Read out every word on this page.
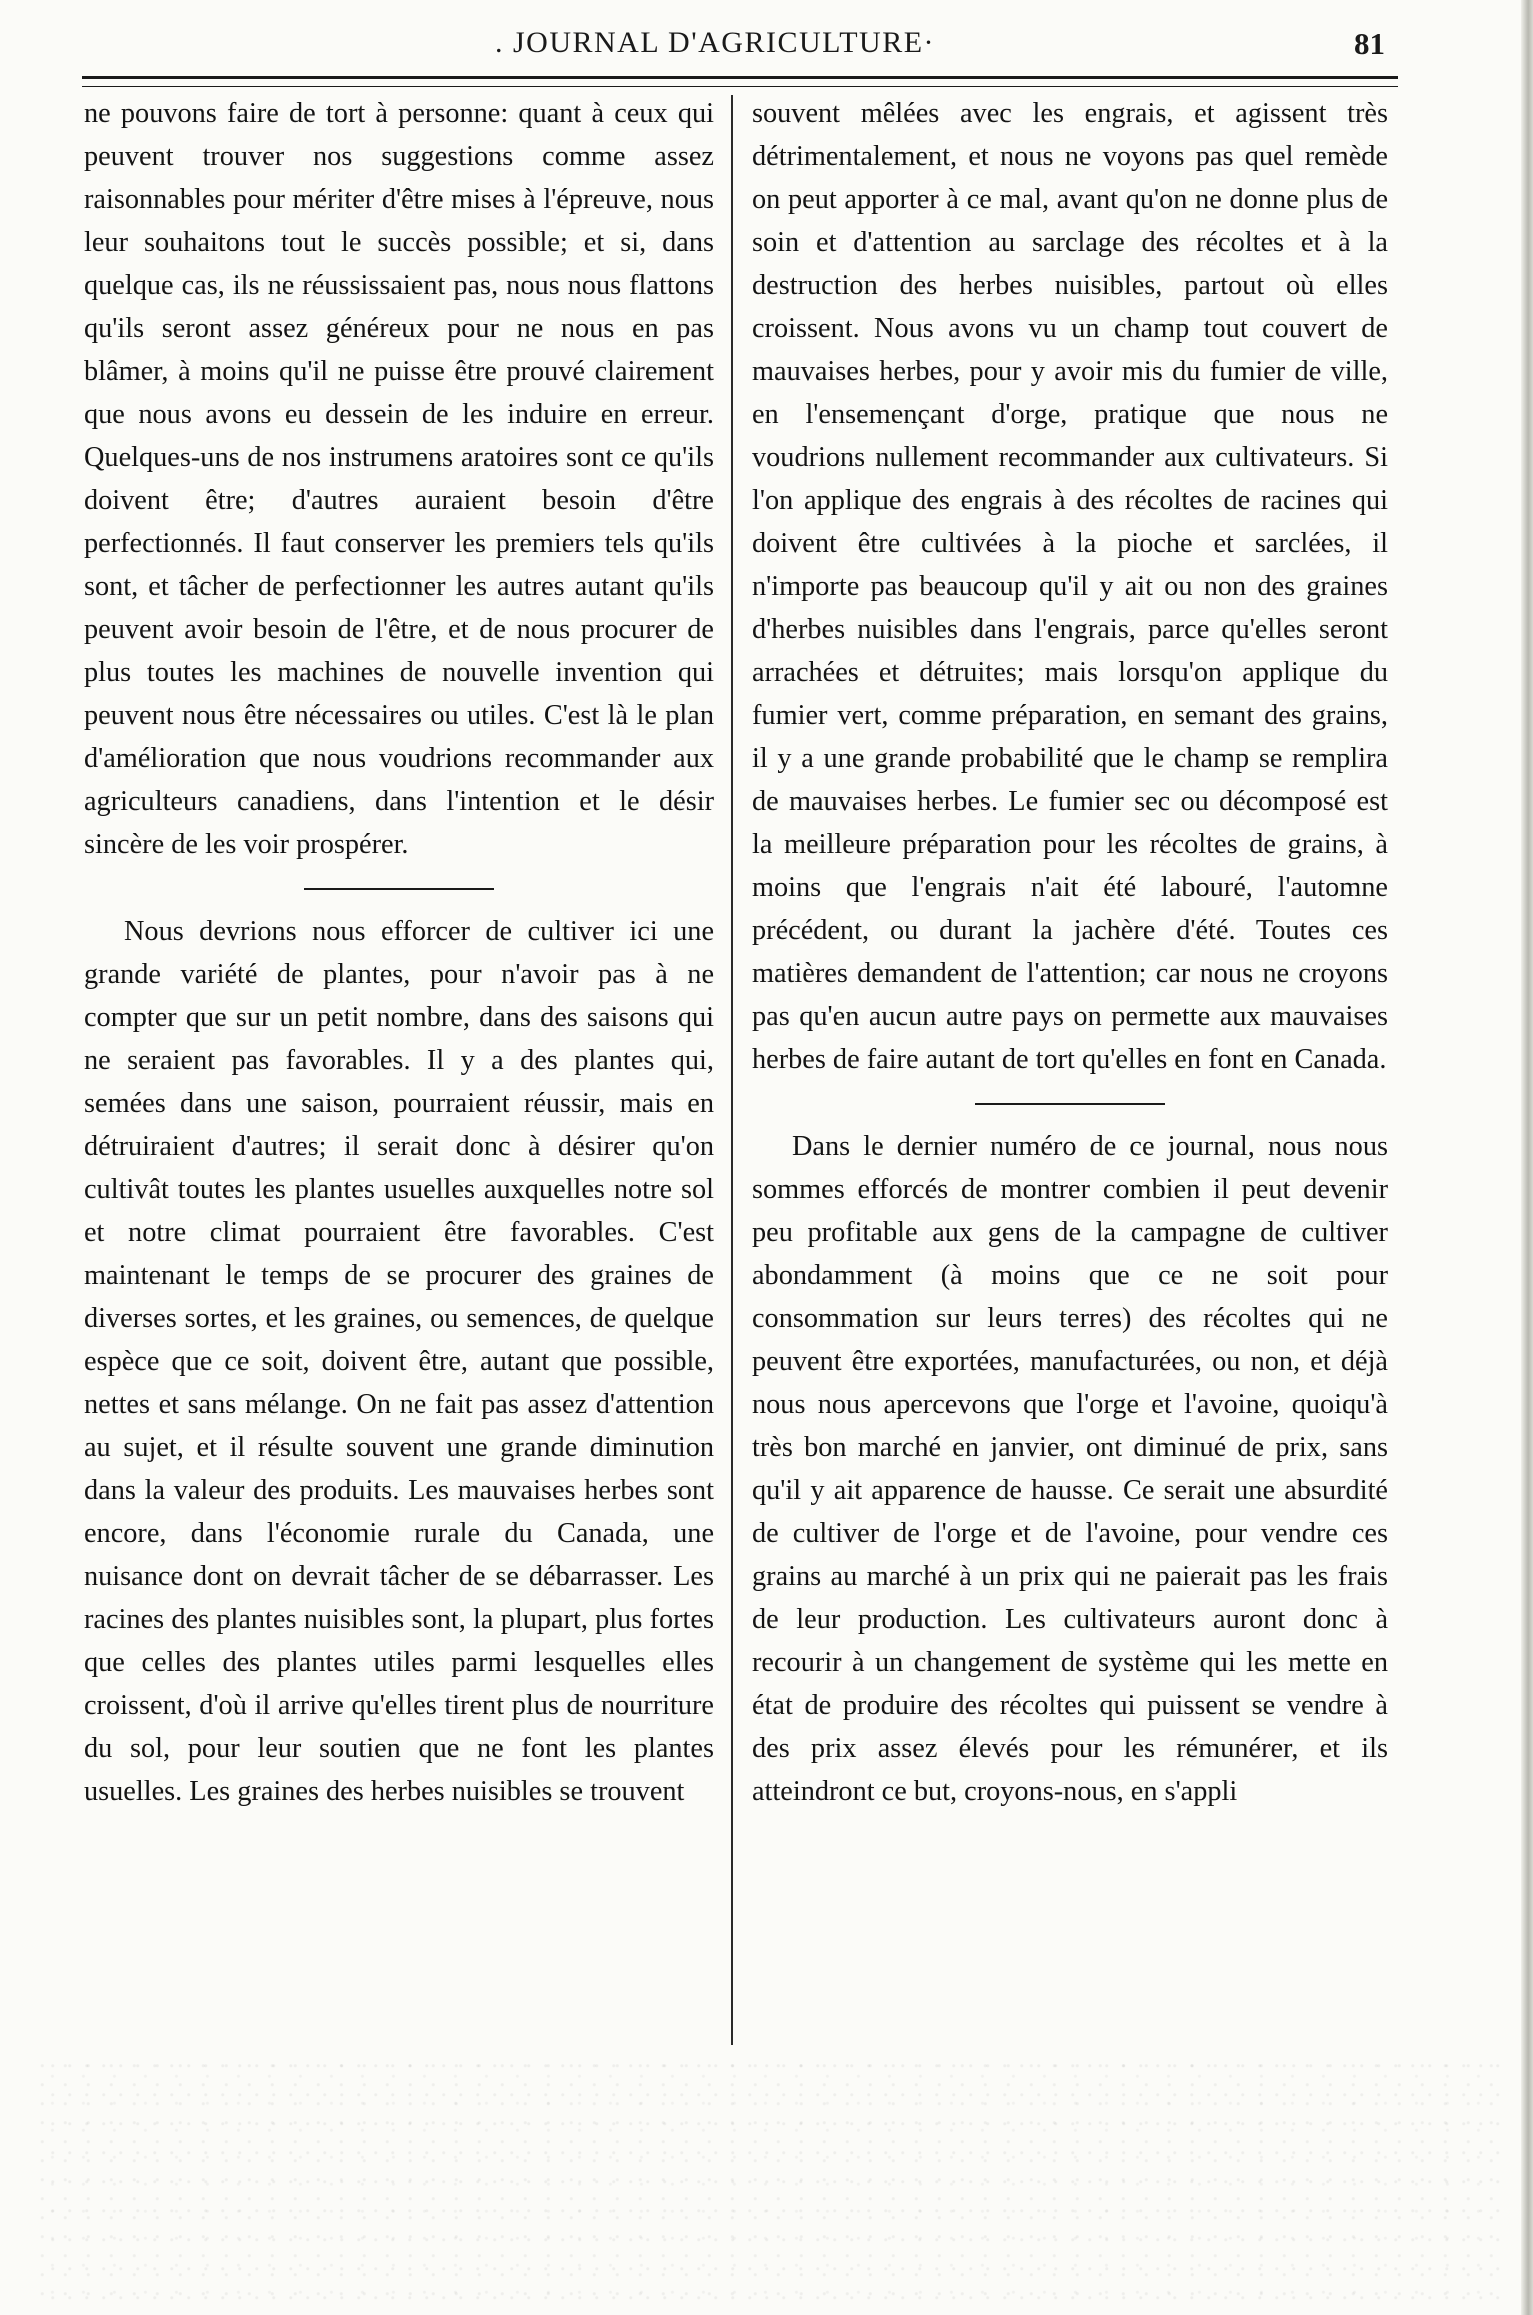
. JOURNAL D'AGRICULTURE·	81

ne pouvons faire de tort à personne: quant à ceux qui peuvent trouver nos suggestions comme assez raisonnables pour mériter d'être mises à l'épreuve, nous leur souhaitons tout le succès possible; et si, dans quelque cas, ils ne réussissaient pas, nous nous flattons qu'ils seront assez généreux pour ne nous en pas blâmer, à moins qu'il ne puisse être prouvé clairement que nous avons eu dessein de les induire en erreur. Quelques-uns de nos instrumens aratoires sont ce qu'ils doivent être; d'autres auraient besoin d'être perfectionnés. Il faut conserver les premiers tels qu'ils sont, et tâcher de perfectionner les autres autant qu'ils peuvent avoir besoin de l'être, et de nous procurer de plus toutes les machines de nouvelle invention qui peuvent nous être nécessaires ou utiles. C'est là le plan d'amélioration que nous voudrions recommander aux agriculteurs canadiens, dans l'intention et le désir sincère de les voir prospérer.

Nous devrions nous efforcer de cultiver ici une grande variété de plantes, pour n'avoir pas à ne compter que sur un petit nombre, dans des saisons qui ne seraient pas favorables. Il y a des plantes qui, semées dans une saison, pourraient réussir, mais en détruiraient d'autres; il serait donc à désirer qu'on cultivât toutes les plantes usuelles auxquelles notre sol et notre climat pourraient être favorables. C'est maintenant le temps de se procurer des graines de diverses sortes, et les graines, ou semences, de quelque espèce que ce soit, doivent être, autant que possible, nettes et sans mélange. On ne fait pas assez d'attention au sujet, et il résulte souvent une grande diminution dans la valeur des produits. Les mauvaises herbes sont encore, dans l'économie rurale du Canada, une nuisance dont on devrait tâcher de se débarrasser. Les racines des plantes nuisibles sont, la plupart, plus fortes que celles des plantes utiles parmi lesquelles elles croissent, d'où il arrive qu'elles tirent plus de nourriture du sol, pour leur soutien que ne font les plantes usuelles. Les graines des herbes nuisibles se trouvent

souvent mêlées avec les engrais, et agissent très détrimentalement, et nous ne voyons pas quel remède on peut apporter à ce mal, avant qu'on ne donne plus de soin et d'attention au sarclage des récoltes et à la destruction des herbes nuisibles, partout où elles croissent. Nous avons vu un champ tout couvert de mauvaises herbes, pour y avoir mis du fumier de ville, en l'ensemençant d'orge, pratique que nous ne voudrions nullement recommander aux cultivateurs. Si l'on applique des engrais à des récoltes de racines qui doivent être cultivées à la pioche et sarclées, il n'importe pas beaucoup qu'il y ait ou non des graines d'herbes nuisibles dans l'engrais, parce qu'elles seront arrachées et détruites; mais lorsqu'on applique du fumier vert, comme préparation, en semant des grains, il y a une grande probabilité que le champ se remplira de mauvaises herbes. Le fumier sec ou décomposé est la meilleure préparation pour les récoltes de grains, à moins que l'engrais n'ait été labouré, l'automne précédent, ou durant la jachère d'été. Toutes ces matières demandent de l'attention; car nous ne croyons pas qu'en aucun autre pays on permette aux mauvaises herbes de faire autant de tort qu'elles en font en Canada.

Dans le dernier numéro de ce journal, nous nous sommes efforcés de montrer combien il peut devenir peu profitable aux gens de la campagne de cultiver abondamment (à moins que ce ne soit pour consommation sur leurs terres) des récoltes qui ne peuvent être exportées, manufacturées, ou non, et déjà nous nous apercevons que l'orge et l'avoine, quoiqu'à très bon marché en janvier, ont diminué de prix, sans qu'il y ait apparence de hausse. Ce serait une absurdité de cultiver de l'orge et de l'avoine, pour vendre ces grains au marché à un prix qui ne paierait pas les frais de leur production. Les cultivateurs auront donc à recourir à un changement de système qui les mette en état de produire des récoltes qui puissent se vendre à des prix assez élevés pour les rémunérer, et ils atteindront ce but, croyons-nous, en s'appli
